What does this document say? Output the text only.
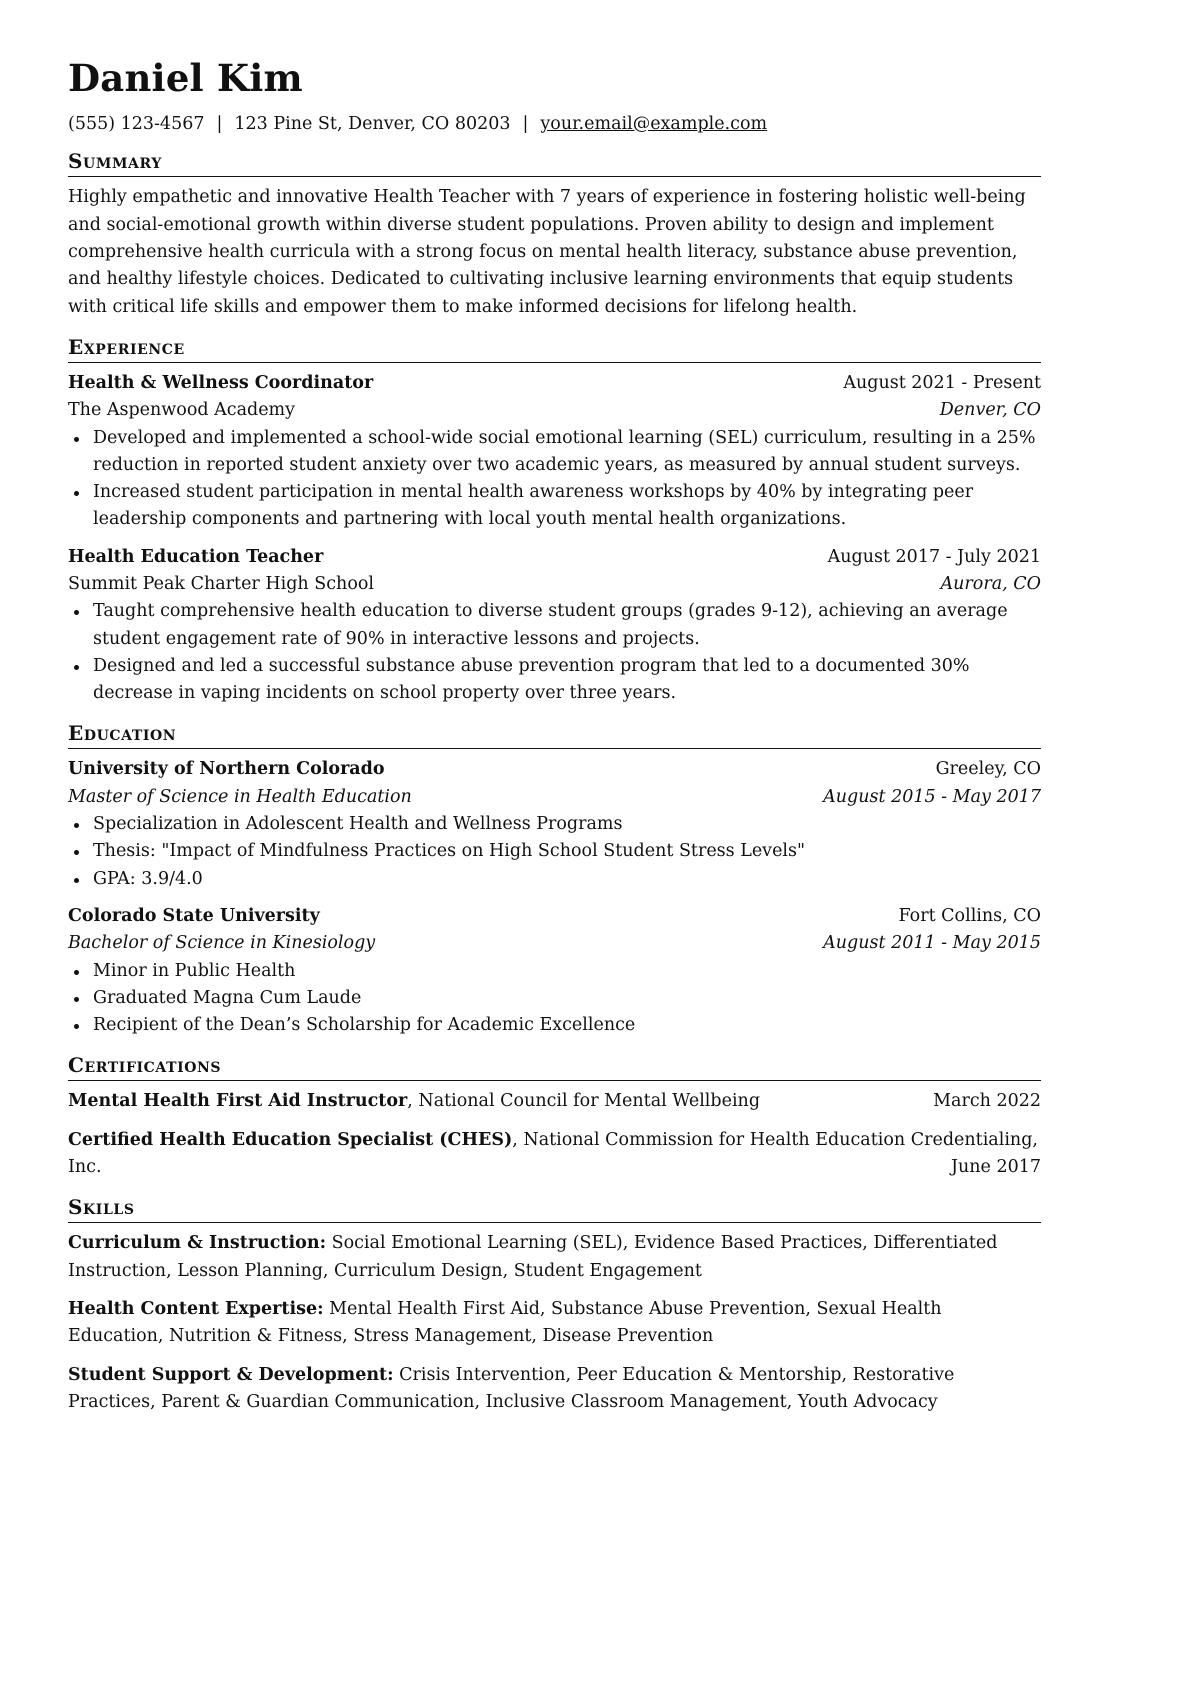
Daniel Kim
(555) 123-4567 | 123 Pine St, Denver, CO 80203 | your.email@example.com
Summary

Highly empathetic and innovative Health Teacher with 7 years of experience in fostering holistic well-being and social-emotional growth within diverse student populations. Proven ability to design and implement comprehensive health curricula with a strong focus on mental health literacy, substance abuse prevention, and healthy lifestyle choices. Dedicated to cultivating inclusive learning environments that equip students with critical life skills and empower them to make informed decisions for lifelong health.

Experience
Health & Wellness Coordinator	August 2021 - Present
The Aspenwood Academy	Denver, CO
Developed and implemented a school-wide social emotional learning (SEL) curriculum, resulting in a 25% reduction in reported student anxiety over two academic years, as measured by annual student surveys.
Increased student participation in mental health awareness workshops by 40% by integrating peer leadership components and partnering with local youth mental health organizations.
Health Education Teacher	August 2017 - July 2021
Summit Peak Charter High School	Aurora, CO
Taught comprehensive health education to diverse student groups (grades 9-12), achieving an average student engagement rate of 90% in interactive lessons and projects.
Designed and led a successful substance abuse prevention program that led to a documented 30% decrease in vaping incidents on school property over three years.
Education
University of Northern Colorado	Greeley, CO
Master of Science in Health Education	August 2015 - May 2017
Specialization in Adolescent Health and Wellness Programs
Thesis: "Impact of Mindfulness Practices on High School Student Stress Levels"
GPA: 3.9/4.0
Colorado State University	Fort Collins, CO
Bachelor of Science in Kinesiology	August 2011 - May 2015
Minor in Public Health
Graduated Magna Cum Laude
Recipient of the Dean’s Scholarship for Academic Excellence
Certifications
Mental Health First Aid Instructor, National Council for Mental Wellbeing	March 2022
Certified Health Education Specialist (CHES), National Commission for Health Education Credentialing, Inc.	June 2017
Skills
Curriculum & Instruction: Social Emotional Learning (SEL), Evidence Based Practices, Differentiated Instruction, Lesson Planning, Curriculum Design, Student Engagement
Health Content Expertise: Mental Health First Aid, Substance Abuse Prevention, Sexual Health Education, Nutrition & Fitness, Stress Management, Disease Prevention
Student Support & Development: Crisis Intervention, Peer Education & Mentorship, Restorative Practices, Parent & Guardian Communication, Inclusive Classroom Management, Youth Advocacy
